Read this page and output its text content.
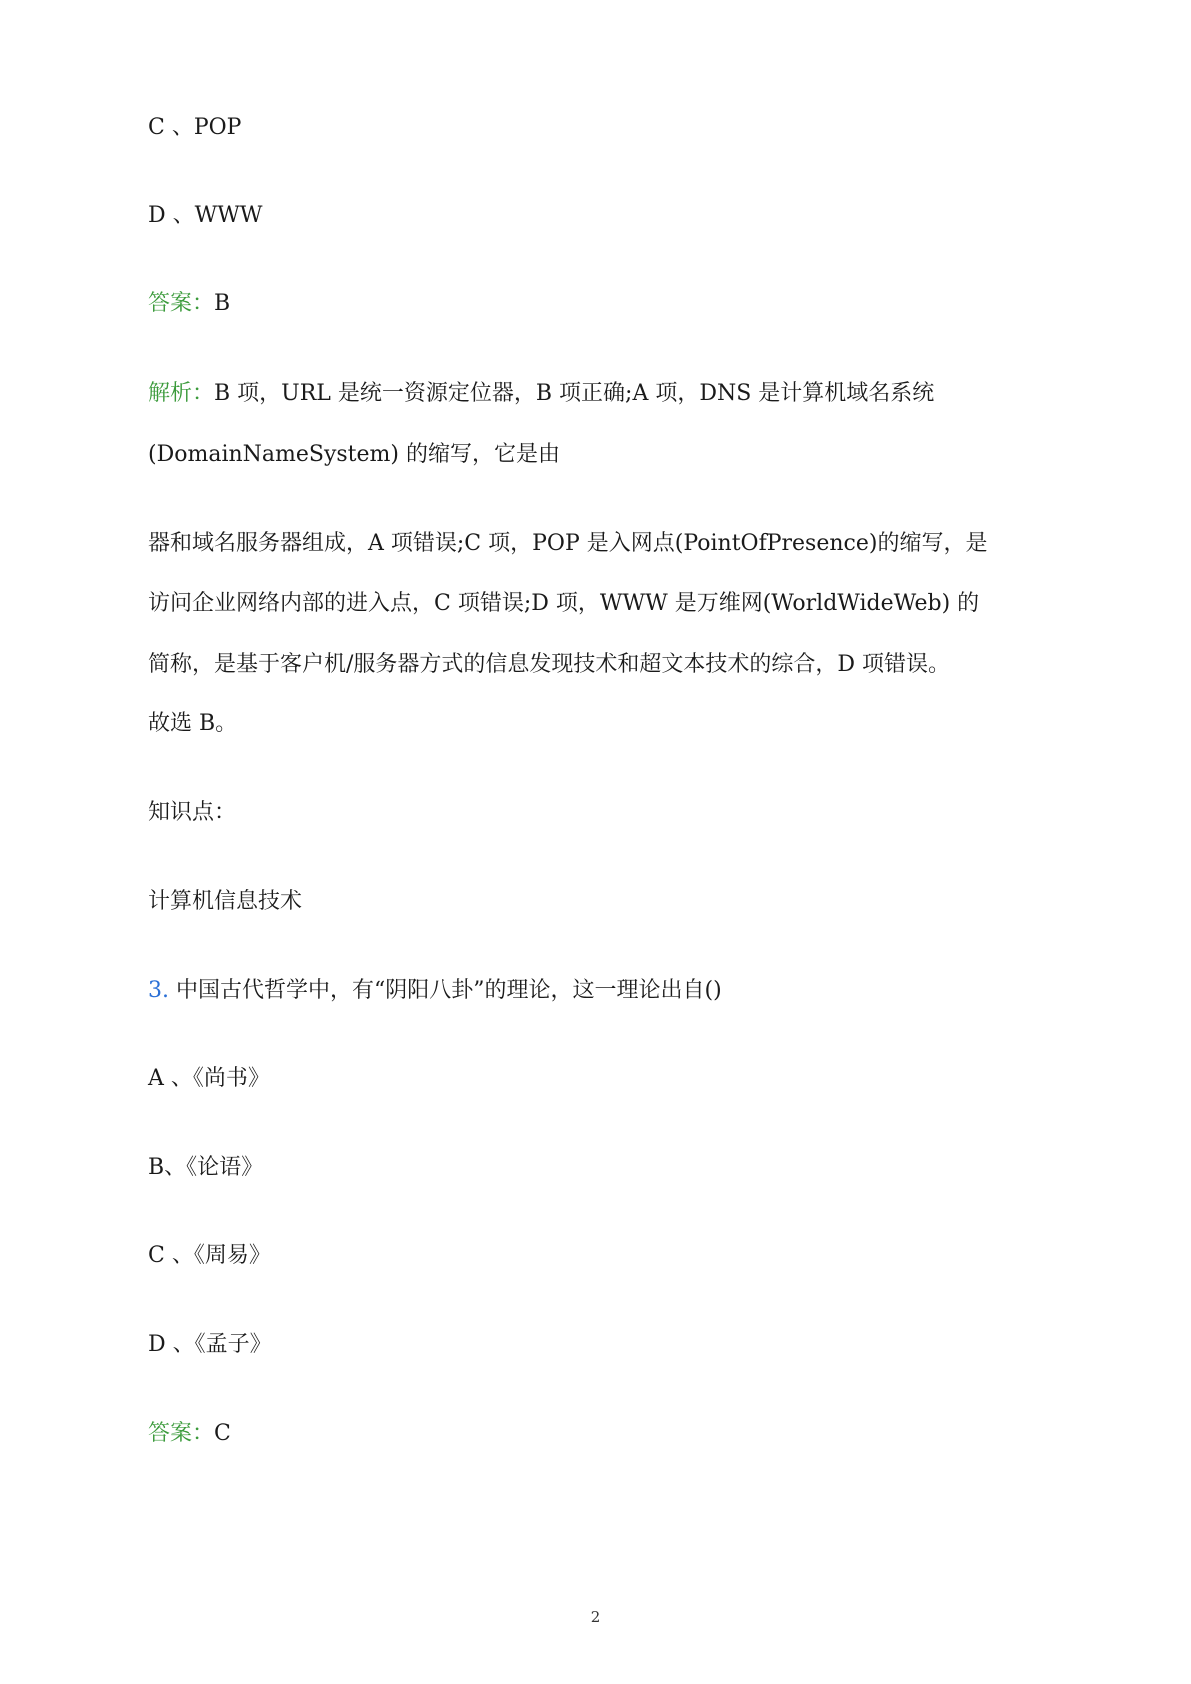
C 、POP
D 、WWW
答案：B
解析：B 项，URL 是统一资源定位器，B 项正确;A 项，DNS 是计算机域名系统
(DomainNameSystem) 的缩写，它是由
器和域名服务器组成，A 项错误;C 项，POP 是入网点(PointOfPresence)的缩写，是
访问企业网络内部的进入点，C 项错误;D 项，WWW 是万维网(WorldWideWeb) 的
简称，是基于客户机/服务器方式的信息发现技术和超文本技术的综合，D 项错误。
故选 B。
知识点：
计算机信息技术
3. 中国古代哲学中，有“阴阳八卦”的理论，这一理论出自()
A 、《尚书》
B、《论语》
C 、《周易》
D 、《孟子》
答案：C
2
